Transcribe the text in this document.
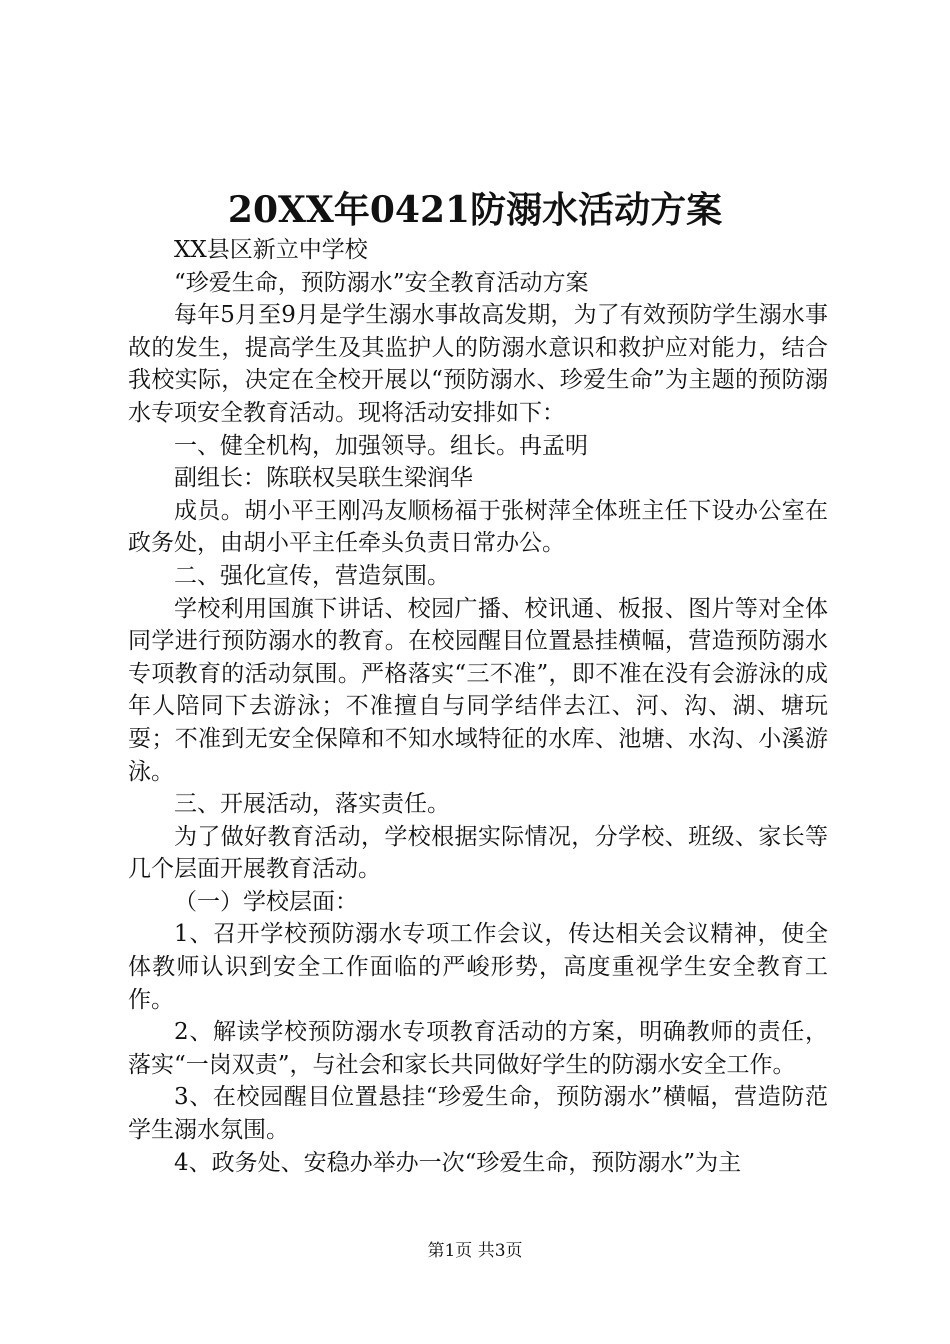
20XX年0421防溺水活动方案

XX县区新立中学校

“珍爱生命，预防溺水”安全教育活动方案

每年5月至9月是学生溺水事故高发期，为了有效预防学生溺水事故的发生，提高学生及其监护人的防溺水意识和救护应对能力，结合我校实际，决定在全校开展以“预防溺水、珍爱生命”为主题的预防溺水专项安全教育活动。现将活动安排如下：

一、健全机构，加强领导。组长。冉孟明

副组长：陈联权吴联生梁润华

成员。胡小平王刚冯友顺杨福于张树萍全体班主任下设办公室在政务处，由胡小平主任牵头负责日常办公。

二、强化宣传，营造氛围。

学校利用国旗下讲话、校园广播、校讯通、板报、图片等对全体同学进行预防溺水的教育。在校园醒目位置悬挂横幅，营造预防溺水专项教育的活动氛围。严格落实“三不准”，即不准在没有会游泳的成年人陪同下去游泳；不准擅自与同学结伴去江、河、沟、湖、塘玩耍；不准到无安全保障和不知水域特征的水库、池塘、水沟、小溪游泳。

三、开展活动，落实责任。

为了做好教育活动，学校根据实际情况，分学校、班级、家长等几个层面开展教育活动。

（一）学校层面：

1、召开学校预防溺水专项工作会议，传达相关会议精神，使全体教师认识到安全工作面临的严峻形势，高度重视学生安全教育工作。

2、解读学校预防溺水专项教育活动的方案，明确教师的责任，落实“一岗双责”，与社会和家长共同做好学生的防溺水安全工作。

3、在校园醒目位置悬挂“珍爱生命，预防溺水”横幅，营造防范学生溺水氛围。

4、政务处、安稳办举办一次“珍爱生命，预防溺水”为主

第1页 共3页
